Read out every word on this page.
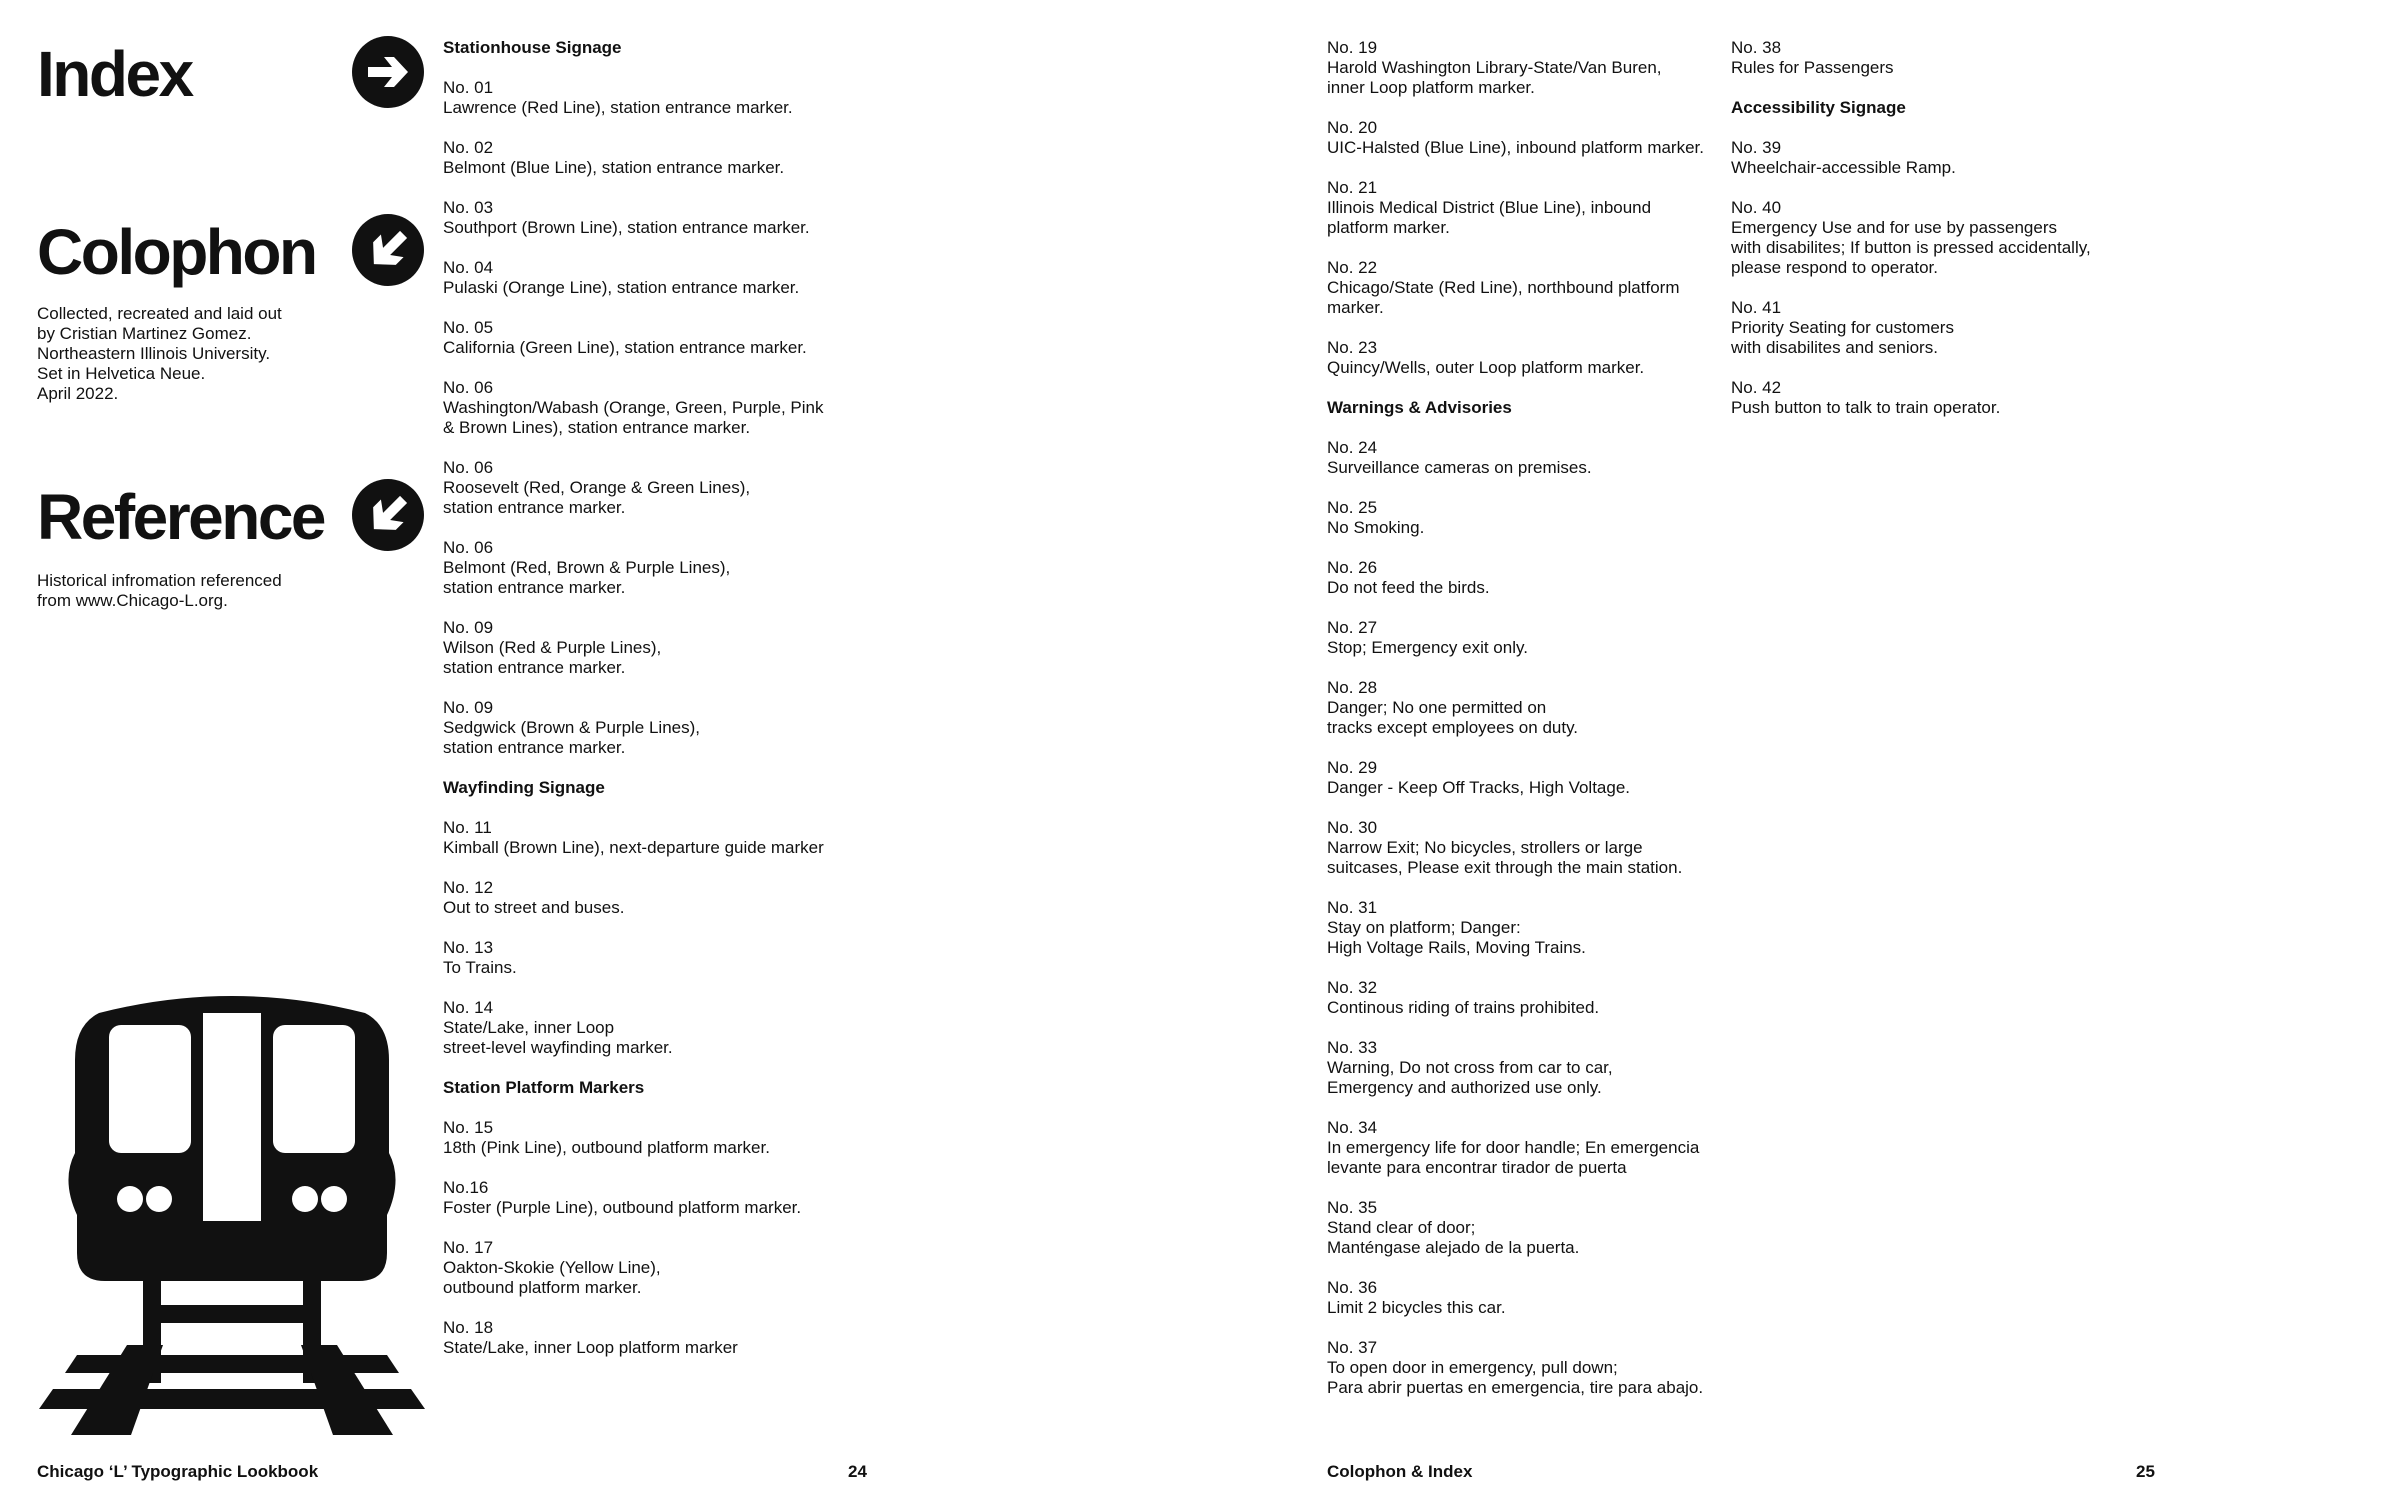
Index
Colophon
Collected, recreated and laid out
by Cristian Martinez Gomez.
Northeastern Illinois University.
Set in Helvetica Neue.
April 2022.
Reference
Historical infromation referenced
from www.Chicago-L.org.
Stationhouse Signage
No. 01
Lawrence (Red Line), station entrance marker.
No. 02
Belmont (Blue Line), station entrance marker.
No. 03
Southport (Brown Line), station entrance marker.
No. 04
Pulaski (Orange Line), station entrance marker.
No. 05
California (Green Line), station entrance marker.
No. 06
Washington/Wabash (Orange, Green, Purple, Pink
& Brown Lines), station entrance marker.
No. 06
Roosevelt (Red, Orange & Green Lines),
station entrance marker.
No. 06
Belmont (Red, Brown & Purple Lines),
station entrance marker.
No. 09
Wilson (Red & Purple Lines),
station entrance marker.
No. 09
Sedgwick (Brown & Purple Lines),
station entrance marker.
Wayfinding Signage
No. 11
Kimball (Brown Line), next-departure guide marker
No. 12
Out to street and buses.
No. 13
To Trains.
No. 14
State/Lake, inner Loop
street-level wayfinding marker.
Station Platform Markers
No. 15
18th (Pink Line), outbound platform marker.
No.16
Foster (Purple Line), outbound platform marker.
No. 17
Oakton-Skokie (Yellow Line),
outbound platform marker.
No. 18
State/Lake, inner Loop platform marker
No. 19
Harold Washington Library-State/Van Buren,
inner Loop platform marker.
No. 20
UIC-Halsted (Blue Line), inbound platform marker.
No. 21
Illinois Medical District (Blue Line), inbound
platform marker.
No. 22
Chicago/State (Red Line), northbound platform
marker.
No. 23
Quincy/Wells, outer Loop platform marker.
Warnings & Advisories
No. 24
Surveillance cameras on premises.
No. 25
No Smoking.
No. 26
Do not feed the birds.
No. 27
Stop; Emergency exit only.
No. 28
Danger; No one permitted on
tracks except employees on duty.
No. 29
Danger - Keep Off Tracks, High Voltage.
No. 30
Narrow Exit; No bicycles, strollers or large
suitcases, Please exit through the main station.
No. 31
Stay on platform; Danger:
High Voltage Rails, Moving Trains.
No. 32
Continous riding of trains prohibited.
No. 33
Warning, Do not cross from car to car,
Emergency and authorized use only.
No. 34
In emergency life for door handle; En emergencia
levante para encontrar tirador de puerta
No. 35
Stand clear of door;
Manténgase alejado de la puerta.
No. 36
Limit 2 bicycles this car.
No. 37
To open door in emergency, pull down;
Para abrir puertas en emergencia, tire para abajo.
No. 38
Rules for Passengers
Accessibility Signage
No. 39
Wheelchair-accessible Ramp.
No. 40
Emergency Use and for use by passengers
with disabilites; If button is pressed accidentally,
please respond to operator.
No. 41
Priority Seating for customers
with disabilites and seniors.
No. 42
Push button to talk to train operator.
Chicago ‘L’ Typographic Lookbook	24	Colophon & Index	25
